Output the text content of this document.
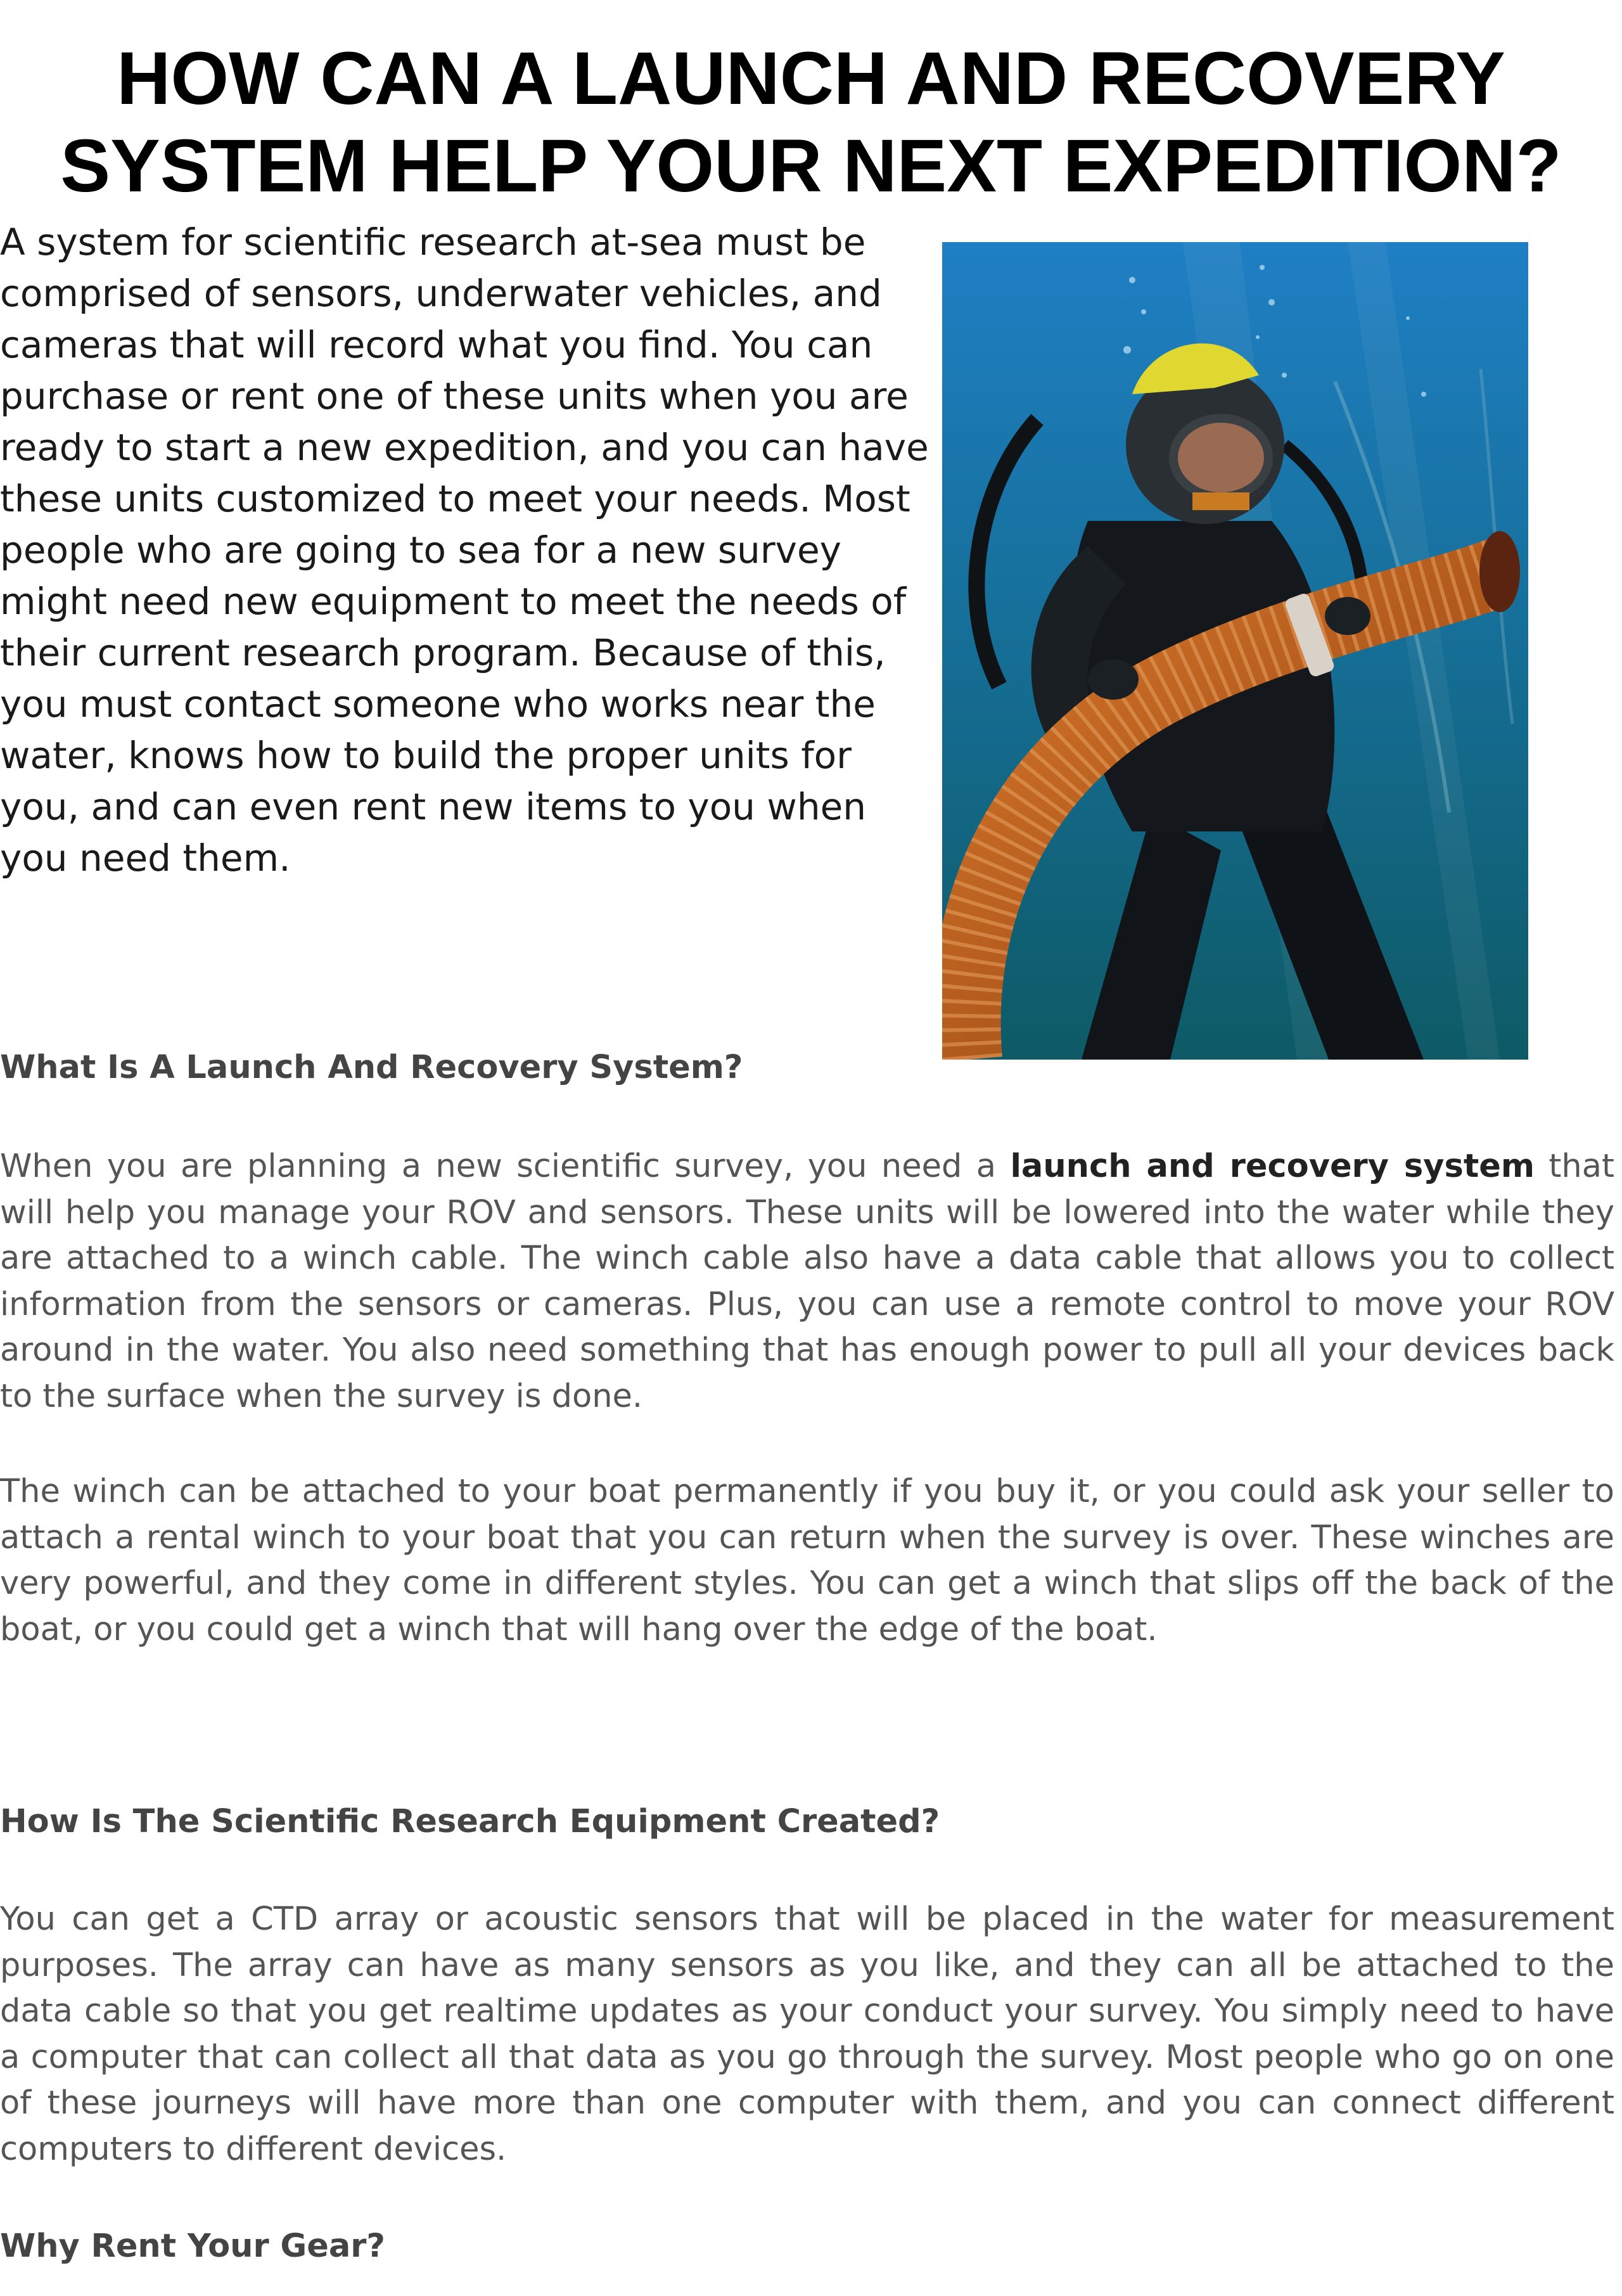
HOW CAN A LAUNCH AND RECOVERY SYSTEM HELP YOUR NEXT EXPEDITION?

A system for scientific research at-sea must be comprised of sensors, underwater vehicles, and cameras that will record what you find. You can purchase or rent one of these units when you are ready to start a new expedition, and you can have these units customized to meet your needs. Most people who are going to sea for a new survey might need new equipment to meet the needs of their current research program. Because of this, you must contact someone who works near the water, knows how to build the proper units for you, and can even rent new items to you when you need them.

What Is A Launch And Recovery System?

When you are planning a new scientific survey, you need a launch and recovery system that will help you manage your ROV and sensors. These units will be lowered into the water while they are attached to a winch cable. The winch cable also have a data cable that allows you to collect information from the sensors or cameras. Plus, you can use a remote control to move your ROV around in the water. You also need something that has enough power to pull all your devices back to the surface when the survey is done.

The winch can be attached to your boat permanently if you buy it, or you could ask your seller to attach a rental winch to your boat that you can return when the survey is over. These winches are very powerful, and they come in different styles. You can get a winch that slips off the back of the boat, or you could get a winch that will hang over the edge of the boat.

How Is The Scientific Research Equipment Created?

You can get a CTD array or acoustic sensors that will be placed in the water for measurement purposes. The array can have as many sensors as you like, and they can all be attached to the data cable so that you get realtime updates as your conduct your survey. You simply need to have a computer that can collect all that data as you go through the survey. Most people who go on one of these journeys will have more than one computer with them, and you can connect different computers to different devices.

Why Rent Your Gear?
